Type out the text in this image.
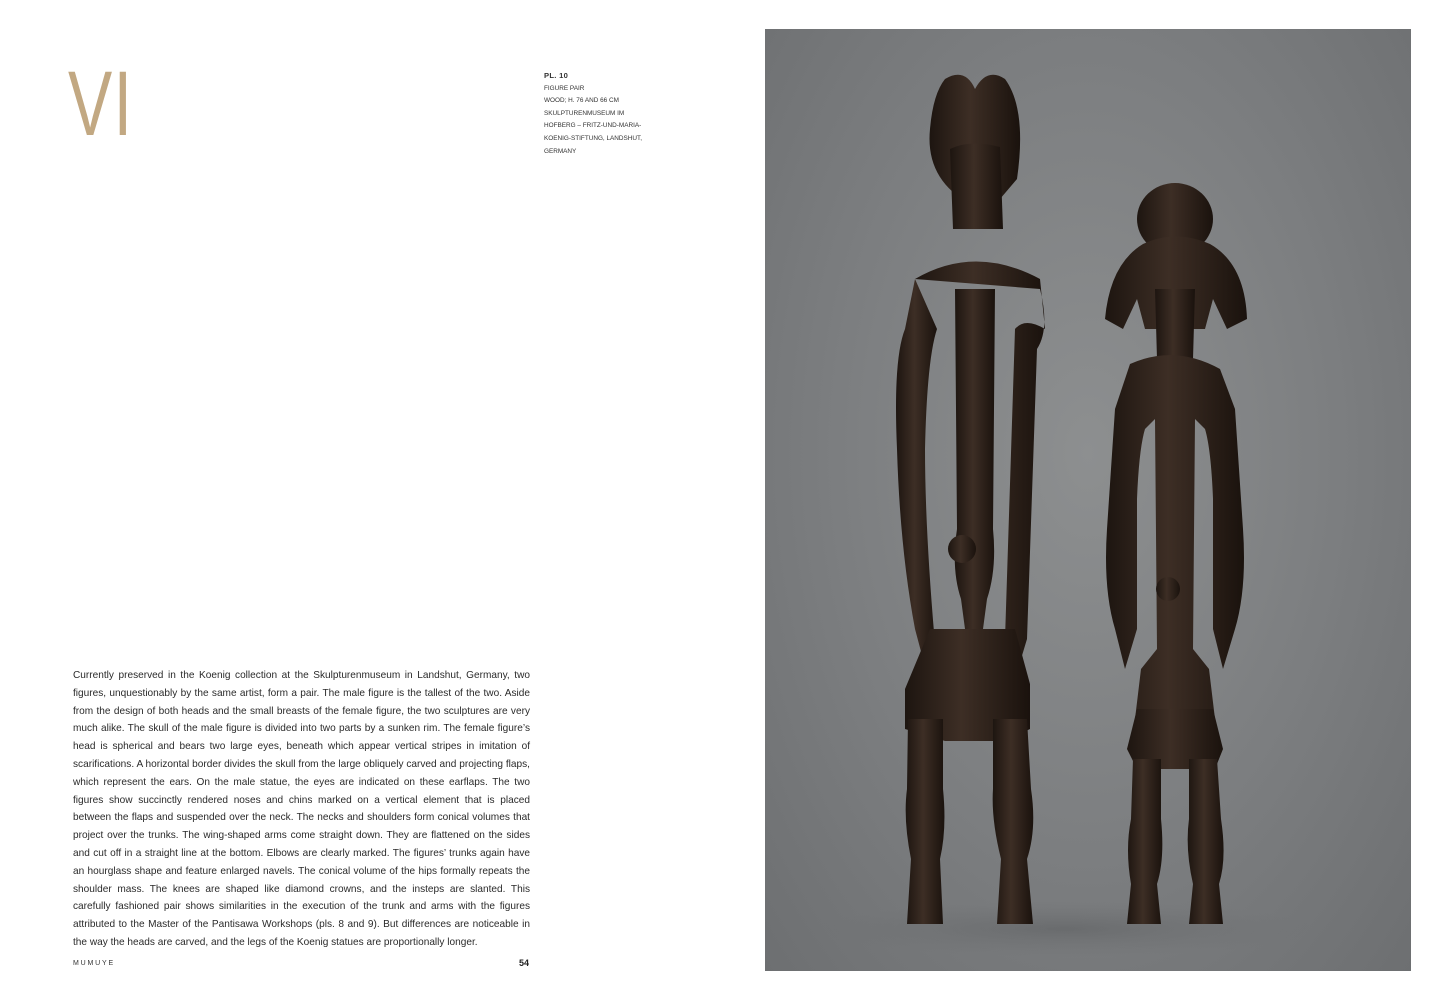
VI	PL. 10
FIGURE PAIR
WOOD; H. 76 AND 66 CM
SKULPTURENMUSEUM IM
HOFBERG – FRITZ-UND-MARIA-
KOENIG-STIFTUNG, LANDSHUT,
GERMANY
Currently preserved in the Koenig collection at the Skulpturenmuseum in Landshut, Germany, two figures, unquestionably by the same artist, form a pair. The male figure is the tallest of the two. Aside from the design of both heads and the small breasts of the female figure, the two sculptures are very much alike. The skull of the male figure is divided into two parts by a sunken rim. The female figure’s head is spherical and bears two large eyes, beneath which appear vertical stripes in imitation of scarifications. A horizontal border divides the skull from the large obliquely carved and projecting flaps, which represent the ears. On the male statue, the eyes are indicated on these earflaps. The two figures show succinctly rendered noses and chins marked on a vertical element that is placed between the flaps and suspended over the neck. The necks and shoulders form conical volumes that project over the trunks. The wing-shaped arms come straight down. They are flattened on the sides and cut off in a straight line at the bottom. Elbows are clearly marked. The figures’ trunks again have an hourglass shape and feature enlarged navels. The conical volume of the hips formally repeats the shoulder mass. The knees are shaped like diamond crowns, and the insteps are slanted. This carefully fashioned pair shows similarities in the execution of the trunk and arms with the figures attributed to the Master of the Pantisawa Workshops (pls. 8 and 9). But differences are noticeable in the way the heads are carved, and the legs of the Koenig statues are proportionally longer.
MUMUYE	54
